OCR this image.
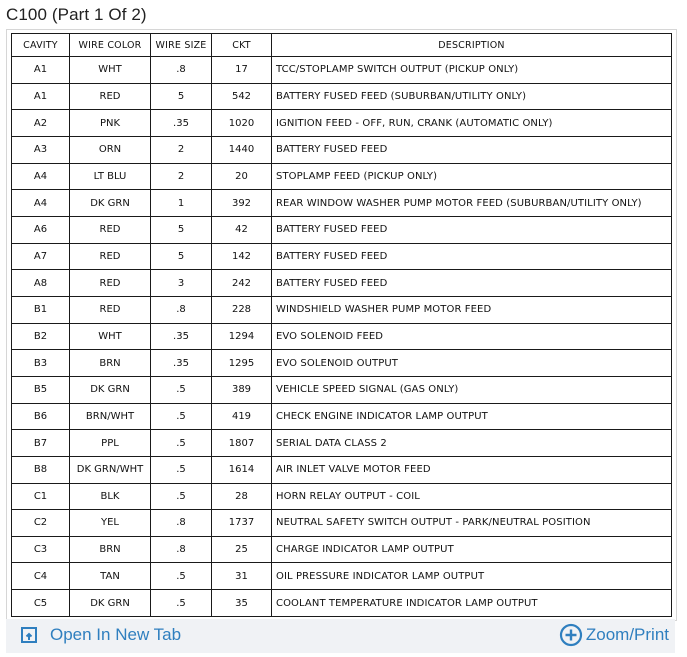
C100 (Part 1 Of 2)
CAVITY	WIRE COLOR	WIRE SIZE	CKT	DESCRIPTION
A1	WHT	.8	17	TCC/STOPLAMP SWITCH OUTPUT (PICKUP ONLY)
A1	RED	5	542	BATTERY FUSED FEED (SUBURBAN/UTILITY ONLY)
A2	PNK	.35	1020	IGNITION FEED - OFF, RUN, CRANK (AUTOMATIC ONLY)
A3	ORN	2	1440	BATTERY FUSED FEED
A4	LT BLU	2	20	STOPLAMP FEED (PICKUP ONLY)
A4	DK GRN	1	392	REAR WINDOW WASHER PUMP MOTOR FEED (SUBURBAN/UTILITY ONLY)
A6	RED	5	42	BATTERY FUSED FEED
A7	RED	5	142	BATTERY FUSED FEED
A8	RED	3	242	BATTERY FUSED FEED
B1	RED	.8	228	WINDSHIELD WASHER PUMP MOTOR FEED
B2	WHT	.35	1294	EVO SOLENOID FEED
B3	BRN	.35	1295	EVO SOLENOID OUTPUT
B5	DK GRN	.5	389	VEHICLE SPEED SIGNAL (GAS ONLY)
B6	BRN/WHT	.5	419	CHECK ENGINE INDICATOR LAMP OUTPUT
B7	PPL	.5	1807	SERIAL DATA CLASS 2
B8	DK GRN/WHT	.5	1614	AIR INLET VALVE MOTOR FEED
C1	BLK	.5	28	HORN RELAY OUTPUT - COIL
C2	YEL	.8	1737	NEUTRAL SAFETY SWITCH OUTPUT - PARK/NEUTRAL POSITION
C3	BRN	.8	25	CHARGE INDICATOR LAMP OUTPUT
C4	TAN	.5	31	OIL PRESSURE INDICATOR LAMP OUTPUT
C5	DK GRN	.5	35	COOLANT TEMPERATURE INDICATOR LAMP OUTPUT
Open In New Tab	Zoom/Print
